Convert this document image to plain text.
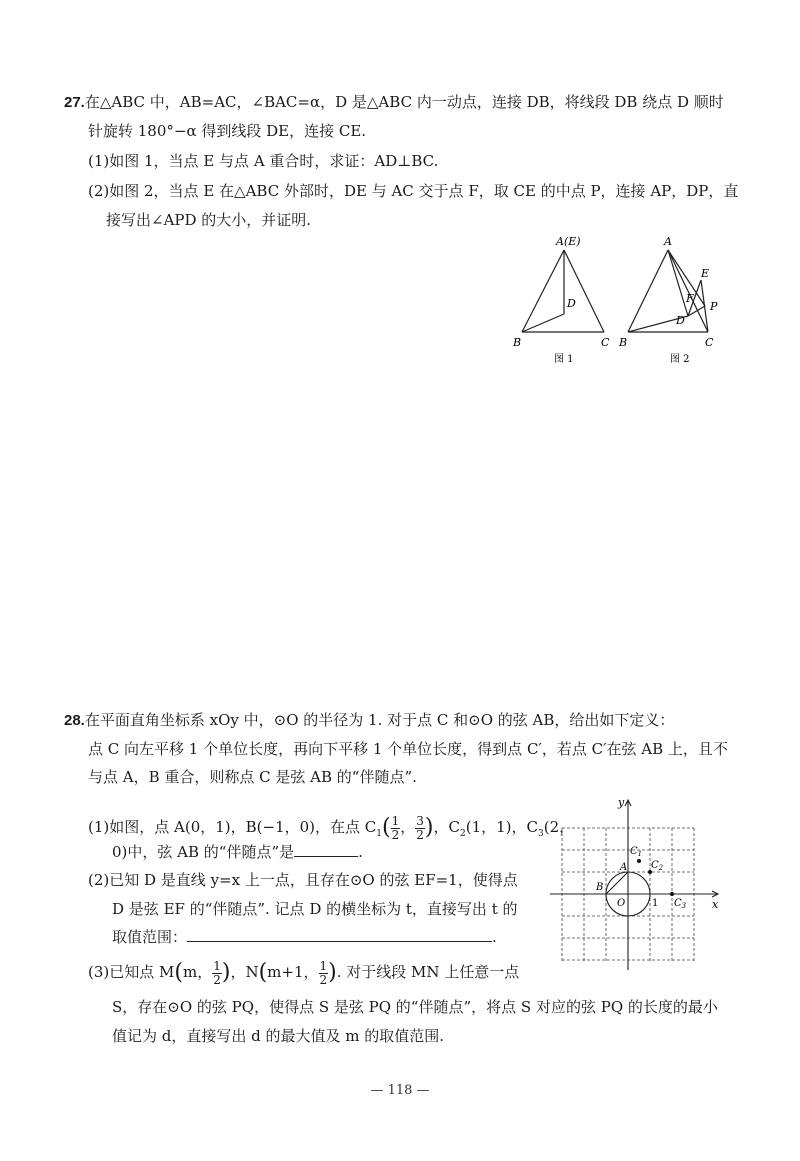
27.在△ABC 中，AB=AC，∠BAC=α，D 是△ABC 内一动点，连接 DB，将线段 DB 绕点 D 顺时
针旋转 180°−α 得到线段 DE，连接 CE.
(1)如图 1，当点 E 与点 A 重合时，求证：AD⊥BC.
(2)如图 2，当点 E 在△ABC 外部时，DE 与 AC 交于点 F，取 CE 的中点 P，连接 AP，DP，直
接写出∠APD 的大小，并证明.
A(E)
B	C
D
图 1
A
B	C
D
E
F
P
图 2
28.在平面直角坐标系 xOy 中，⊙O 的半径为 1. 对于点 C 和⊙O 的弦 AB，给出如下定义：
点 C 向左平移 1 个单位长度，再向下平移 1 个单位长度，得到点 C′，若点 C′在弦 AB 上，且不
与点 A，B 重合，则称点 C 是弦 AB 的“伴随点”.
(1)如图，点 A(0，1)，B(−1，0)，在点 $C_1( \frac{1}{2}$ ， $\frac{3}{2}$ )，$C_2(1$，1)，$C_3(2$，
0)中，弦 AB 的“伴随点”是	.
(2)已知 D 是直线 y=x 上一点，且存在⊙O 的弦 EF=1，使得点
D 是弦 EF 的“伴随点”. 记点 D 的横坐标为 t，直接写出 t 的
取值范围：	.
(3)已知点 M(m， $\frac{1}{2}$ )，N(m+1， $\frac{1}{2}$ ). 对于线段 MN 上任意一点
S，存在⊙O 的弦 PQ，使得点 S 是弦 PQ 的“伴随点”，将点 S 对应的弦 PQ 的长度的最小
值记为 d，直接写出 d 的最大值及 m 的取值范围.
y
x
O	1
A
B
$C_1$
$C_2$
$C_3$
— 118 —
